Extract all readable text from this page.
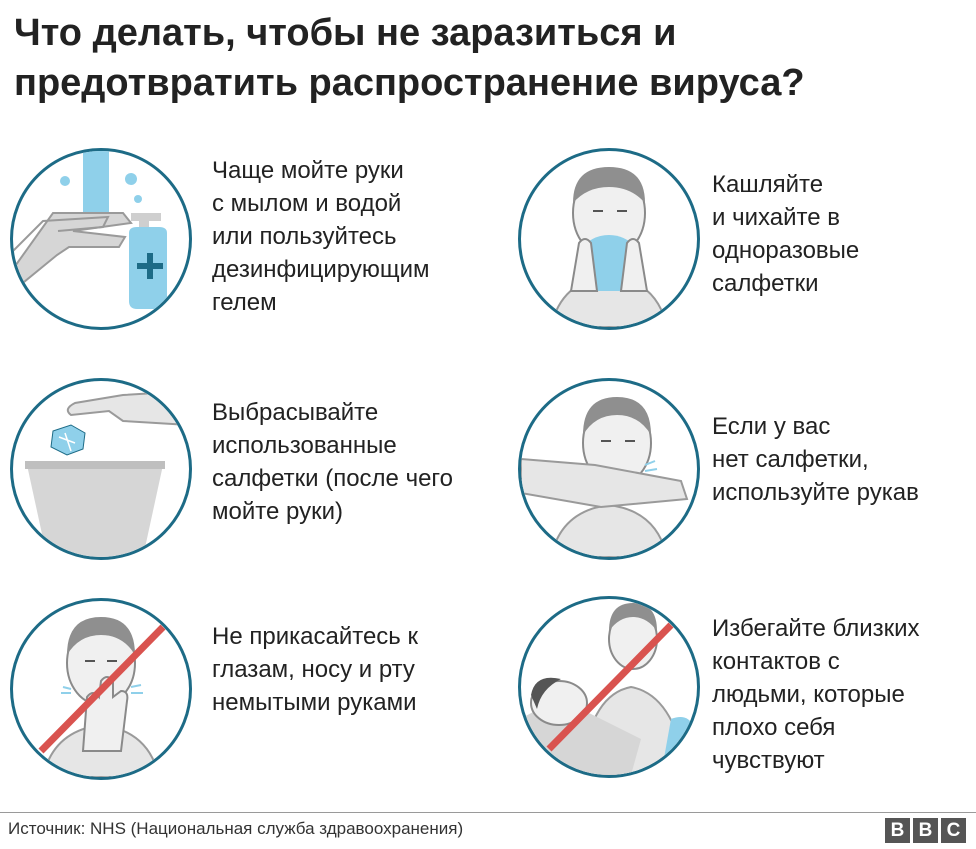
Что делать, чтобы не заразиться и
предотвратить распространение вируса?
Чаще мойте руки
с мылом и водой
или пользуйтесь
дезинфицирующим
гелем
Кашляйте
и чихайте в
одноразовые
салфетки
Выбрасывайте
использованные
салфетки (после чего
мойте руки)
Если у вас
нет салфетки,
используйте рукав
Не прикасайтесь к
глазам, носу и рту
немытыми руками
Избегайте близких
контактов с
людьми, которые
плохо себя
чувствуют
Источник: NHS (Национальная служба здравоохранения)	B B C
